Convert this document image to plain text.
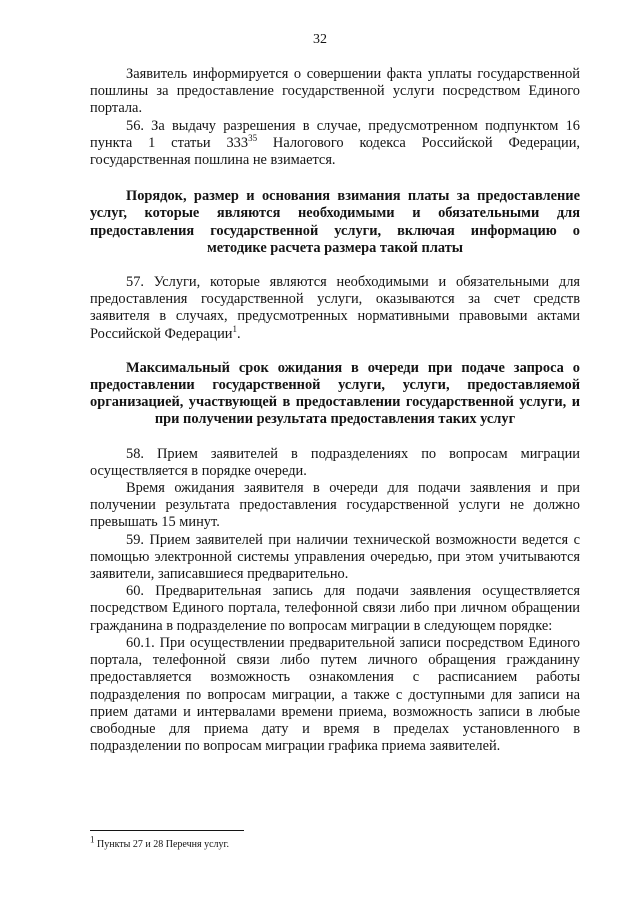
32

Заявитель информируется о совершении факта уплаты государственной пошлины за предоставление государственной услуги посредством Единого портала.

56. За выдачу разрешения в случае, предусмотренном подпунктом 16 пункта 1 статьи $333^{35}$ Налогового кодекса Российской Федерации, государственная пошлина не взимается.

Порядок, размер и основания взимания платы за предоставление услуг, которые являются необходимыми и обязательными для предоставления государственной услуги, включая информацию о методике расчета размера такой платы

57. Услуги, которые являются необходимыми и обязательными для предоставления государственной услуги, оказываются за счет средств заявителя в случаях, предусмотренных нормативными правовыми актами Российской Федерации$^1$.

Максимальный срок ожидания в очереди при подаче запроса о предоставлении государственной услуги, услуги, предоставляемой организацией, участвующей в предоставлении государственной услуги, и при получении результата предоставления таких услуг

58. Прием заявителей в подразделениях по вопросам миграции осуществляется в порядке очереди.

Время ожидания заявителя в очереди для подачи заявления и при получении результата предоставления государственной услуги не должно превышать 15 минут.

59. Прием заявителей при наличии технической возможности ведется с помощью электронной системы управления очередью, при этом учитываются заявители, записавшиеся предварительно.

60. Предварительная запись для подачи заявления осуществляется посредством Единого портала, телефонной связи либо при личном обращении гражданина в подразделение по вопросам миграции в следующем порядке:

60.1. При осуществлении предварительной записи посредством Единого портала, телефонной связи либо путем личного обращения гражданину предоставляется возможность ознакомления с расписанием работы подразделения по вопросам миграции, а также с доступными для записи на прием датами и интервалами времени приема, возможность записи в любые свободные для приема дату и время в пределах установленного в подразделении по вопросам миграции графика приема заявителей.

$^1$ Пункты 27 и 28 Перечня услуг.
